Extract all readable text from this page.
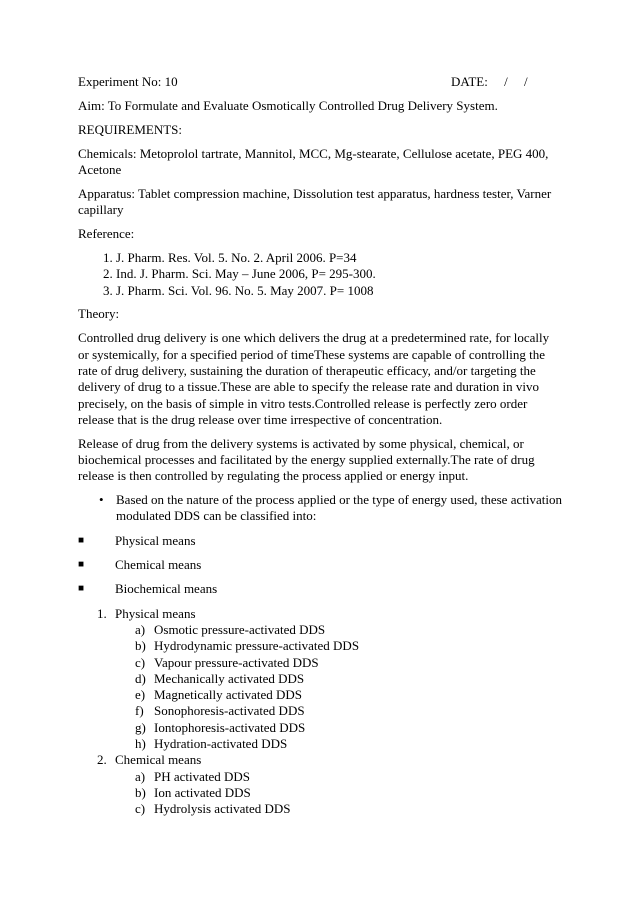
Experiment No: 10	DATE:     /     /

Aim: To Formulate and Evaluate Osmotically Controlled Drug Delivery System.

REQUIREMENTS:

Chemicals: Metoprolol tartrate, Mannitol, MCC, Mg-stearate, Cellulose acetate, PEG 400, Acetone

Apparatus: Tablet compression machine, Dissolution test apparatus, hardness tester, Varner capillary

Reference:

1. J. Pharm. Res. Vol. 5. No. 2. April 2006. P=34
2. Ind. J. Pharm. Sci. May – June 2006, P= 295-300.
3. J. Pharm. Sci. Vol. 96. No. 5. May 2007. P= 1008

Theory:

Controlled drug delivery is one which delivers the drug at a predetermined rate, for locally or systemically, for a specified period of timeThese systems are capable of controlling the rate of drug delivery, sustaining the duration of therapeutic efficacy, and/or targeting the delivery of drug to a tissue.These are able to specify the release rate and duration in vivo precisely, on the basis of simple in vitro tests.Controlled release is perfectly zero order release that is the drug release over time irrespective of concentration.

Release of drug from the delivery systems is activated by some physical, chemical, or biochemical processes and facilitated by the energy supplied externally.The rate of drug release is then controlled by regulating the process applied or energy input.

• Based on the nature of the process applied or the type of energy used, these activation modulated DDS can be classified into:
■ Physical means
■ Chemical means
■ Biochemical means
1. Physical means
a) Osmotic pressure-activated DDS
b) Hydrodynamic pressure-activated DDS
c) Vapour pressure-activated DDS
d) Mechanically activated DDS
e) Magnetically activated DDS
f) Sonophoresis-activated DDS
g) Iontophoresis-activated DDS
h) Hydration-activated DDS
2. Chemical means
a) PH activated DDS
b) Ion activated DDS
c) Hydrolysis activated DDS
